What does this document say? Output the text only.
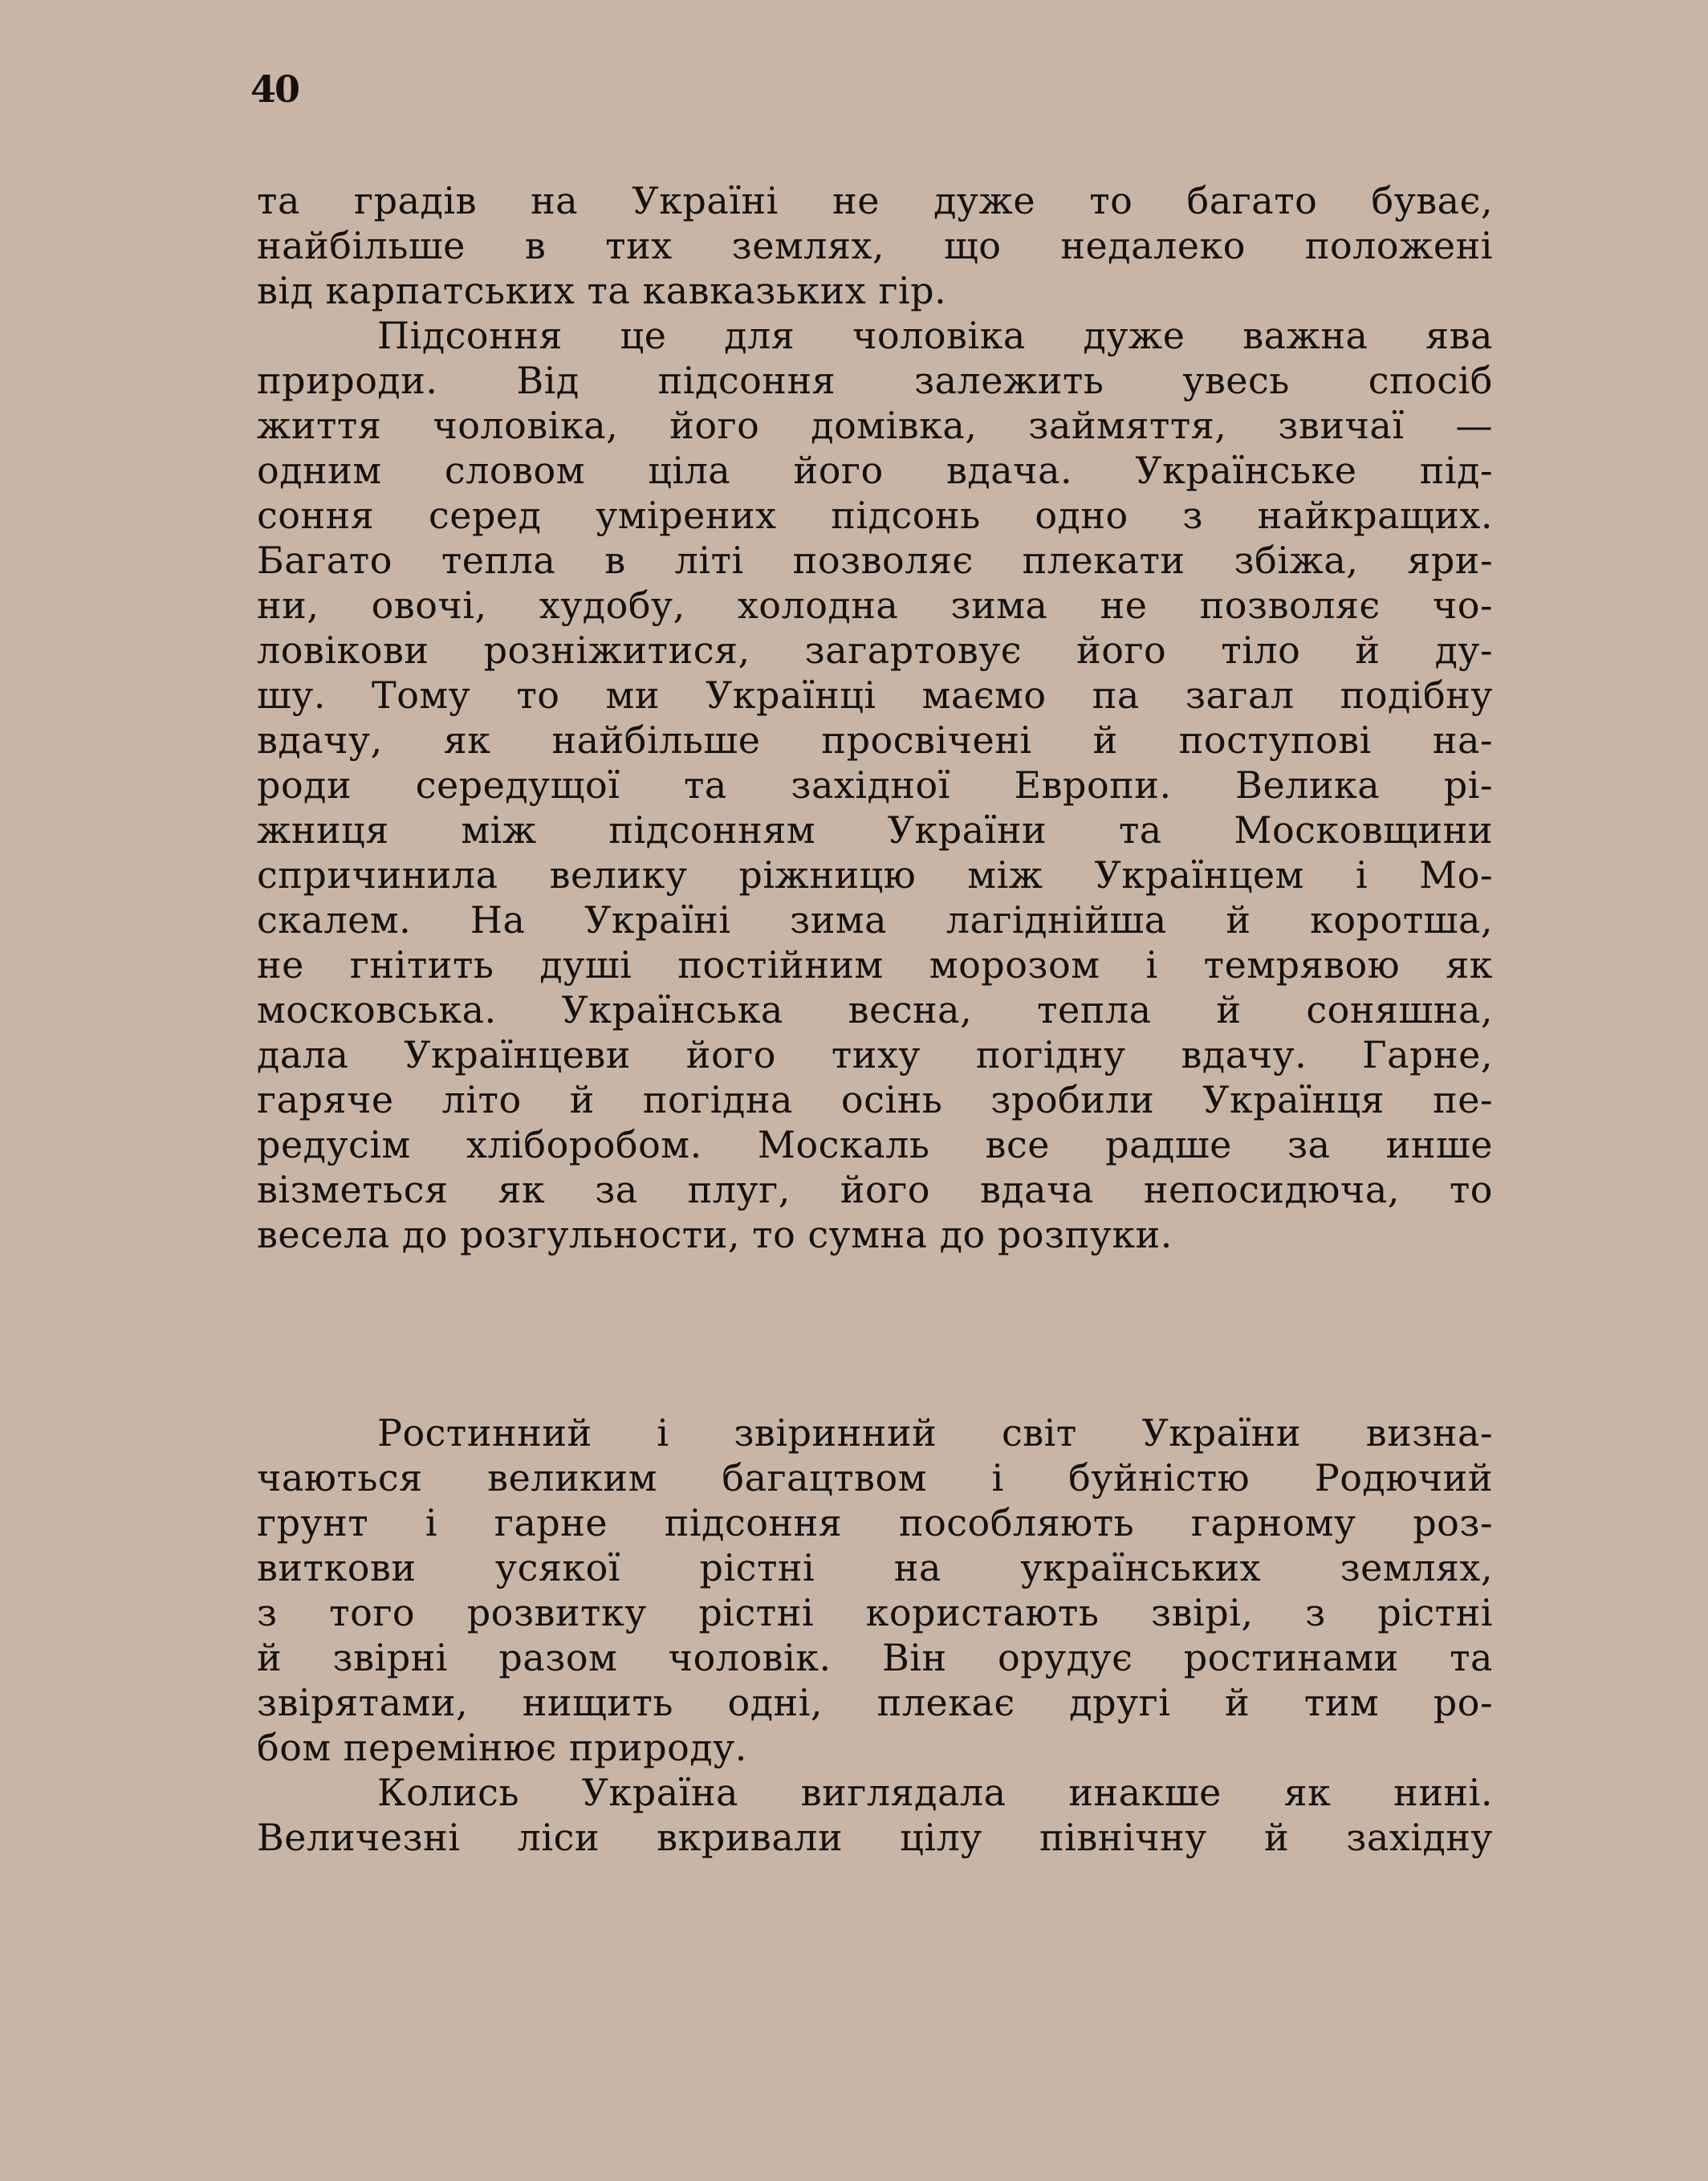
40
та градів на Україні не дуже то багато буває,
найбільше в тих землях, що недалеко положені
від карпатських та кавказьких гір.
Підсоння це для чоловіка дуже важна ява
природи. Від підсоння залежить увесь спосіб
життя чоловіка, його домівка, займяття, звичаї —
одним словом ціла його вдача. Українське під-
соння серед умірених підсонь одно з найкращих.
Багато тепла в літі позволяє плекати збіжа, яри-
ни, овочі, худобу, холодна зима не позволяє чо-
ловікови розніжитися, загартовує його тіло й ду-
шу. Тому то ми Українці маємо па загал подібну
вдачу, як найбільше просвічені й поступові на-
роди середущої та західної Европи. Велика рі-
жниця між підсонням України та Московщини
спричинила велику ріжницю між Українцем і Мо-
скалем. На Україні зима лагіднійша й коротша,
не гнітить душі постійним морозом і темрявою як
московська. Українська весна, тепла й соняшна,
дала Українцеви його тиху погідну вдачу. Гарне,
гаряче літо й погідна осінь зробили Українця пе-
редусім хліборобом. Москаль все радше за инше
візметься як за плуг, його вдача непосидюча, то
весела до розгульности, то сумна до розпуки.
Ростинний і звіринний світ України визна-
чаються великим багацтвом і буйністю Родючий
грунт і гарне підсоння пособляють гарному роз-
виткови усякої рістні на українських землях,
з того розвитку рістні користають звірі, з рістні
й звірні разом чоловік. Він орудує ростинами та
звірятами, нищить одні, плекає другі й тим ро-
бом перемінює природу.
Колись Україна виглядала инакше як нині.
Величезні ліси вкривали цілу північну й західну
